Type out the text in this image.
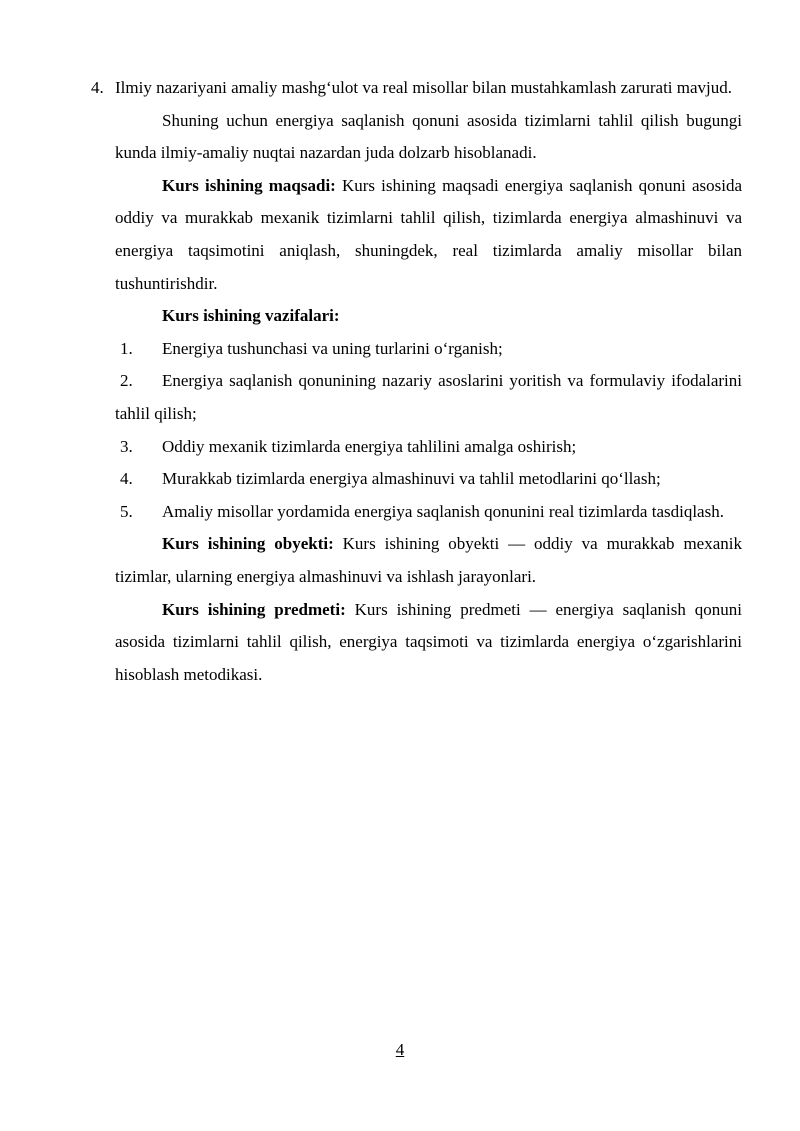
4. Ilmiy nazariyani amaliy mashg‘ulot va real misollar bilan mustahkamlash zarurati mavjud.

Shuning uchun energiya saqlanish qonuni asosida tizimlarni tahlil qilish bugungi kunda ilmiy-amaliy nuqtai nazardan juda dolzarb hisoblanadi.

Kurs ishining maqsadi: Kurs ishining maqsadi energiya saqlanish qonuni asosida oddiy va murakkab mexanik tizimlarni tahlil qilish, tizimlarda energiya almashinuvi va energiya taqsimotini aniqlash, shuningdek, real tizimlarda amaliy misollar bilan tushuntirishdir.

Kurs ishining vazifalari:

1. Energiya tushunchasi va uning turlarini o‘rganish;

2. Energiya saqlanish qonunining nazariy asoslarini yoritish va formulaviy ifodalarini tahlil qilish;

3. Oddiy mexanik tizimlarda energiya tahlilini amalga oshirish;

4. Murakkab tizimlarda energiya almashinuvi va tahlil metodlarini qo‘llash;

5. Amaliy misollar yordamida energiya saqlanish qonunini real tizimlarda tasdiqlash.

Kurs ishining obyekti: Kurs ishining obyekti — oddiy va murakkab mexanik tizimlar, ularning energiya almashinuvi va ishlash jarayonlari.

Kurs ishining predmeti: Kurs ishining predmeti — energiya saqlanish qonuni asosida tizimlarni tahlil qilish, energiya taqsimoti va tizimlarda energiya o‘zgarishlarini hisoblash metodikasi.

4
